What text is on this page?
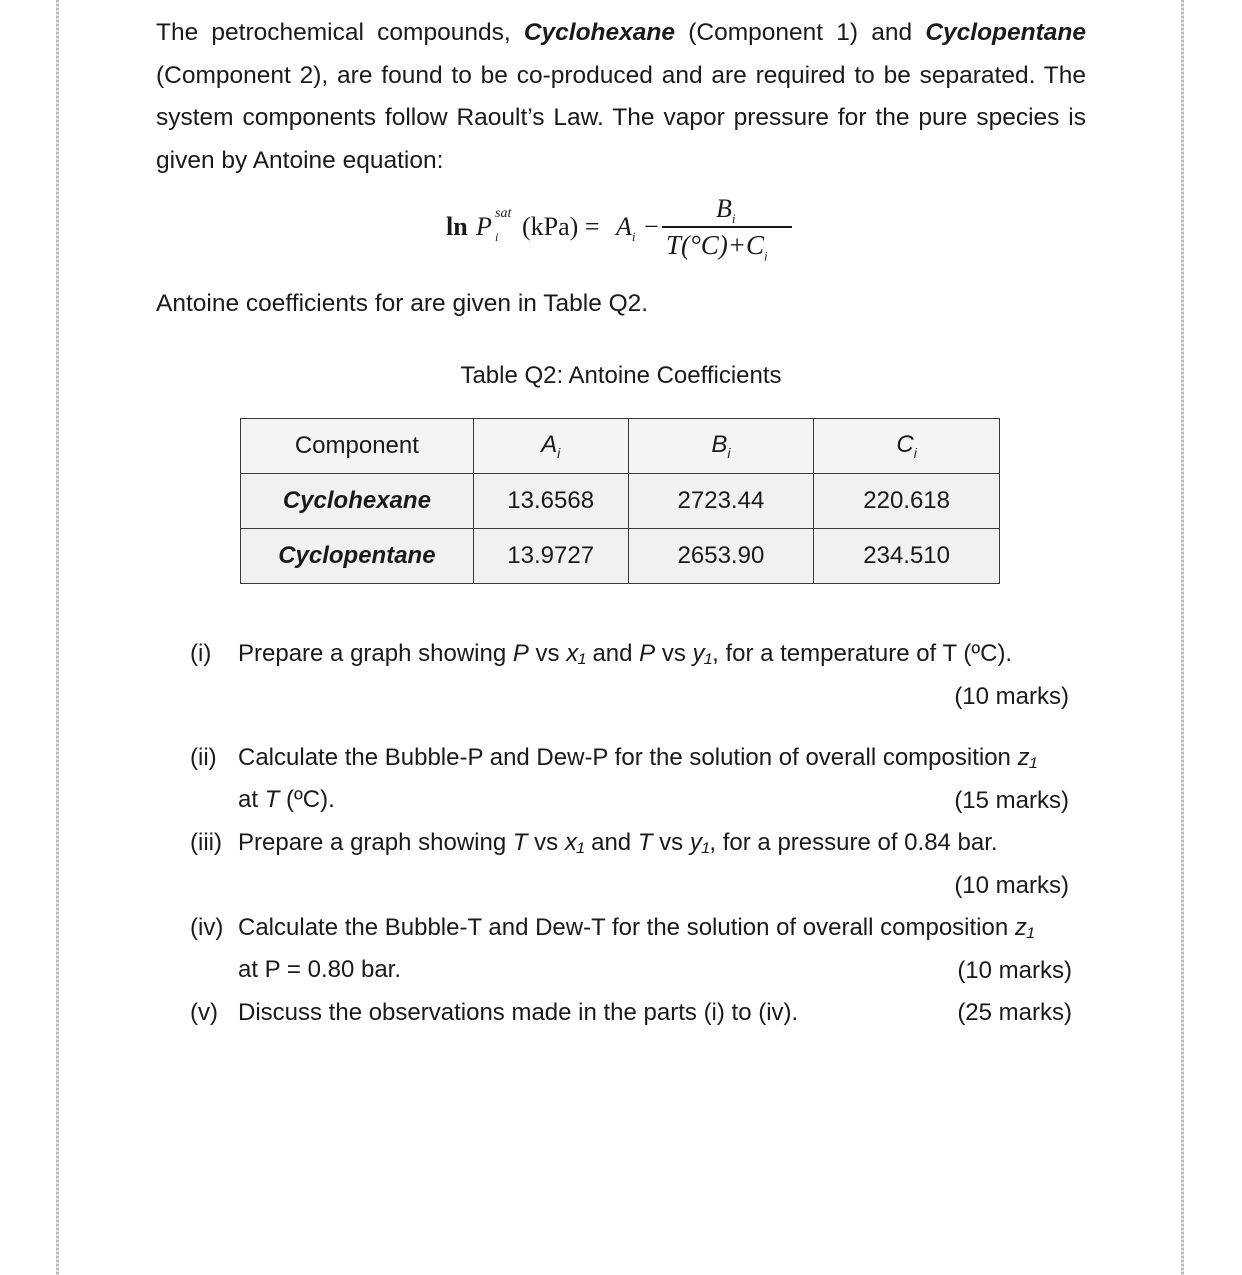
The petrochemical compounds, Cyclohexane (Component 1) and Cyclopentane (Component 2), are found to be co-produced and are required to be separated. The system components follow Raoult’s Law. The vapor pressure for the pure species is given by Antoine equation:

ln P sat
i $(kPa) = A_i$ −
$B_i$
$T(^\circ C)+C_i$

Antoine coefficients for are given in Table Q2.

Table Q2: Antoine Coefficients

Component	$A_i$	$B_i$	$C_i$
Cyclohexane	13.6568	2723.44	220.618
Cyclopentane	13.9727	2653.90	234.510
(i) Prepare a graph showing P vs x₁ and P vs y₁, for a temperature of T (ºC).
(10 marks)
(ii) Calculate the Bubble-P and Dew-P for the solution of overall composition z₁
at T (ºC).	(15 marks)
(iii) Prepare a graph showing T vs x₁ and T vs y₁, for a pressure of 0.84 bar.
(10 marks)
(iv) Calculate the Bubble-T and Dew-T for the solution of overall composition z₁
at P = 0.80 bar.	(10 marks)
(v) Discuss the observations made in the parts (i) to (iv).	(25 marks)
